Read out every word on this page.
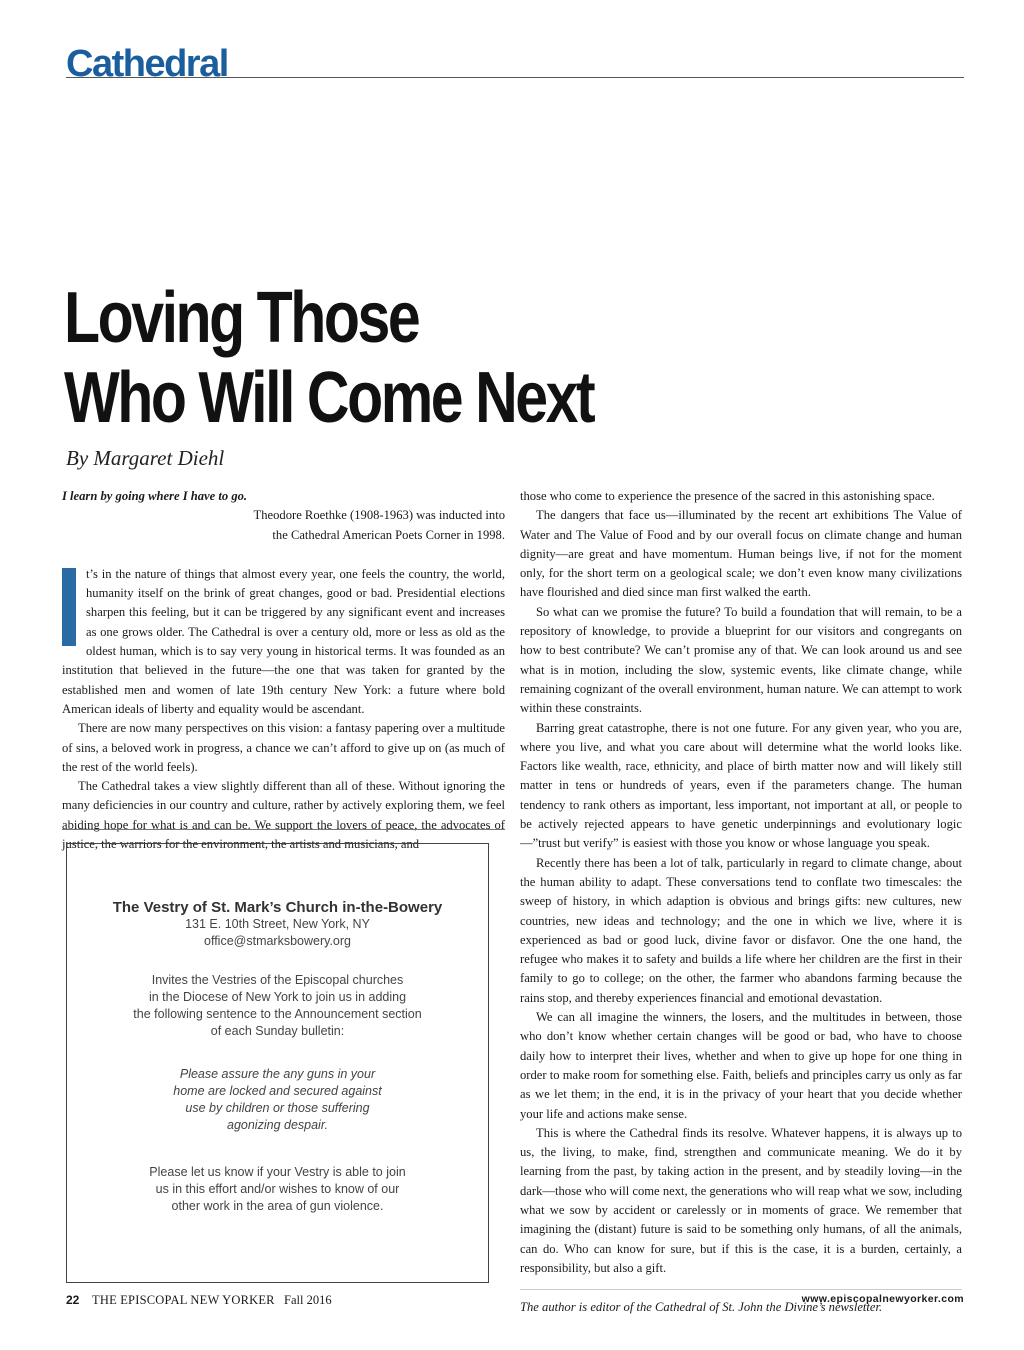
Cathedral
Loving Those
Who Will Come Next
By Margaret Diehl
I learn by going where I have to go.
Theodore Roethke (1908-1963) was inducted into
the Cathedral American Poets Corner in 1998.

t’s in the nature of things that almost every year, one feels the country, the world, humanity itself on the brink of great changes, good or bad. Presidential elections sharpen this feeling, but it can be triggered by any significant event and increases as one grows older. The Cathedral is over a century old, more or less as old as the oldest human, which is to say very young in historical terms. It was founded as an institution that believed in the future—the one that was taken for granted by the established men and women of late 19th century New York: a future where bold American ideals of liberty and equality would be ascendant.

There are now many perspectives on this vision: a fantasy papering over a multitude of sins, a beloved work in progress, a chance we can’t afford to give up on (as much of the rest of the world feels).

The Cathedral takes a view slightly different than all of these. Without ignoring the many deficiencies in our country and culture, rather by actively exploring them, we feel abiding hope for what is and can be. We support the lovers of peace, the advocates of justice, the warriors for the environment, the artists and musicians, and

The Vestry of St. Mark’s Church in-the-Bowery
131 E. 10th Street, New York, NY
office@stmarksbowery.org
Invites the Vestries of the Episcopal churches
in the Diocese of New York to join us in adding
the following sentence to the Announcement section
of each Sunday bulletin:
Please assure the any guns in your
home are locked and secured against
use by children or those suffering
agonizing despair.
Please let us know if your Vestry is able to join
us in this effort and/or wishes to know of our
other work in the area of gun violence.

those who come to experience the presence of the sacred in this astonishing space.

The dangers that face us—illuminated by the recent art exhibitions The Value of Water and The Value of Food and by our overall focus on climate change and human dignity—are great and have momentum. Human beings live, if not for the moment only, for the short term on a geological scale; we don’t even know many civilizations have flourished and died since man first walked the earth.

So what can we promise the future? To build a foundation that will remain, to be a repository of knowledge, to provide a blueprint for our visitors and congregants on how to best contribute? We can’t promise any of that. We can look around us and see what is in motion, including the slow, systemic events, like climate change, while remaining cognizant of the overall environment, human nature. We can attempt to work within these constraints.

Barring great catastrophe, there is not one future. For any given year, who you are, where you live, and what you care about will determine what the world looks like. Factors like wealth, race, ethnicity, and place of birth matter now and will likely still matter in tens or hundreds of years, even if the parameters change. The human tendency to rank others as important, less important, not important at all, or people to be actively rejected appears to have genetic underpinnings and evolutionary logic—”trust but verify” is easiest with those you know or whose language you speak.

Recently there has been a lot of talk, particularly in regard to climate change, about the human ability to adapt. These conversations tend to conflate two timescales: the sweep of history, in which adaption is obvious and brings gifts: new cultures, new countries, new ideas and technology; and the one in which we live, where it is experienced as bad or good luck, divine favor or disfavor. One the one hand, the refugee who makes it to safety and builds a life where her children are the first in their family to go to college; on the other, the farmer who abandons farming because the rains stop, and thereby experiences financial and emotional devastation.

We can all imagine the winners, the losers, and the multitudes in between, those who don’t know whether certain changes will be good or bad, who have to choose daily how to interpret their lives, whether and when to give up hope for one thing in order to make room for something else. Faith, beliefs and principles carry us only as far as we let them; in the end, it is in the privacy of your heart that you decide whether your life and actions make sense.

This is where the Cathedral finds its resolve. Whatever happens, it is always up to us, the living, to make, find, strengthen and communicate meaning. We do it by learning from the past, by taking action in the present, and by steadily loving—in the dark—those who will come next, the generations who will reap what we sow, including what we sow by accident or carelessly or in moments of grace. We remember that imagining the (distant) future is said to be something only humans, of all the animals, can do. Who can know for sure, but if this is the case, it is a burden, certainly, a responsibility, but also a gift.

The author is editor of the Cathedral of St. John the Divine’s newsletter.

22 THE EPISCOPAL NEW YORKER Fall 2016	www.episcopalnewyorker.com
